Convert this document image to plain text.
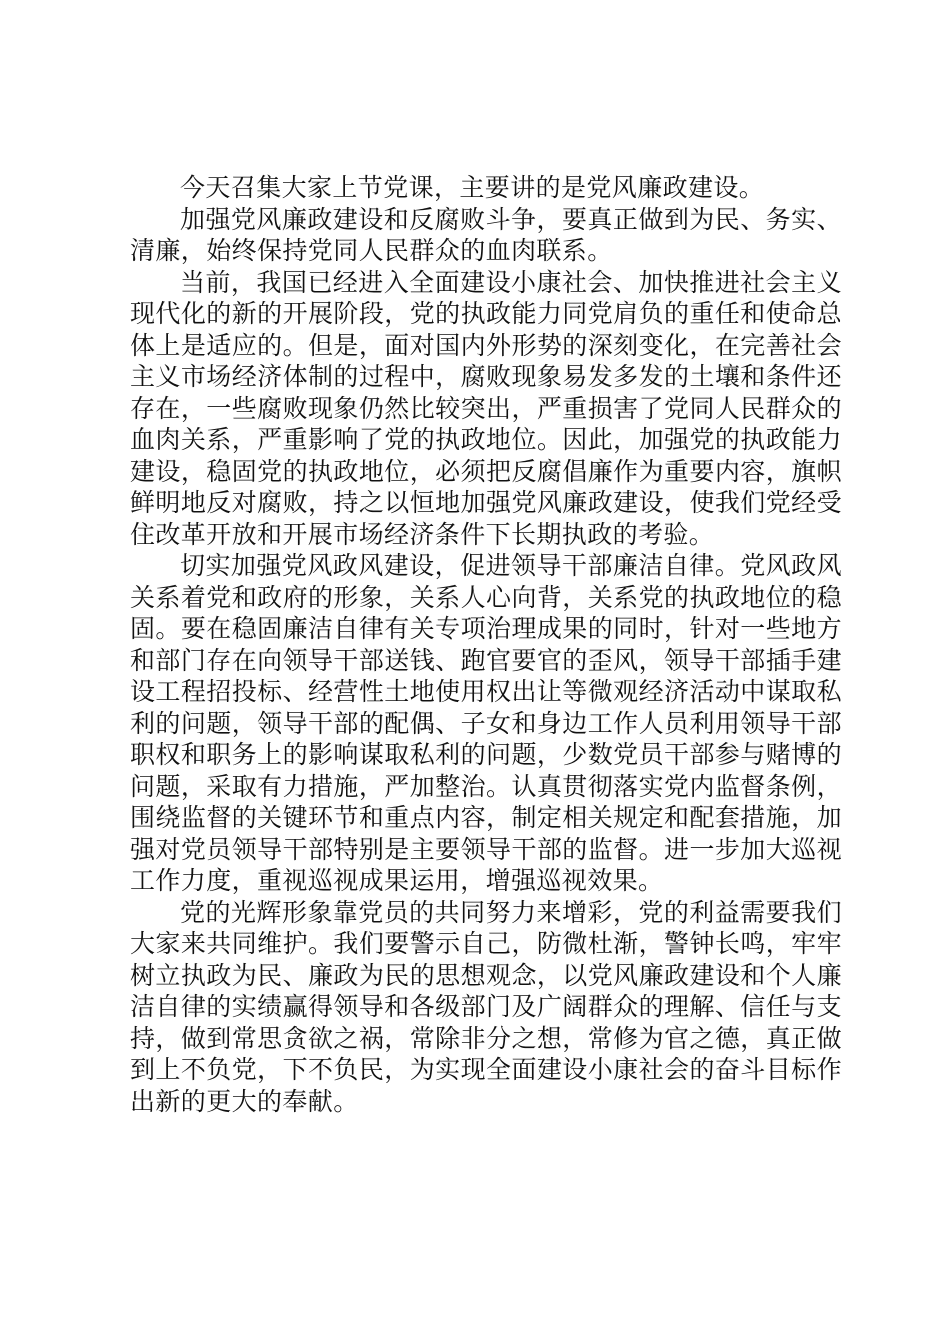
今天召集大家上节党课，主要讲的是党风廉政建设。

加强党风廉政建设和反腐败斗争，要真正做到为民、务实、清廉，始终保持党同人民群众的血肉联系。

当前，我国已经进入全面建设小康社会、加快推进社会主义现代化的新的开展阶段，党的执政能力同党肩负的重任和使命总体上是适应的。但是，面对国内外形势的深刻变化，在完善社会主义市场经济体制的过程中，腐败现象易发多发的土壤和条件还存在，一些腐败现象仍然比较突出，严重损害了党同人民群众的血肉关系，严重影响了党的执政地位。因此，加强党的执政能力建设，稳固党的执政地位，必须把反腐倡廉作为重要内容，旗帜鲜明地反对腐败，持之以恒地加强党风廉政建设，使我们党经受住改革开放和开展市场经济条件下长期执政的考验。

切实加强党风政风建设，促进领导干部廉洁自律。党风政风关系着党和政府的形象，关系人心向背，关系党的执政地位的稳固。要在稳固廉洁自律有关专项治理成果的同时，针对一些地方和部门存在向领导干部送钱、跑官要官的歪风，领导干部插手建设工程招投标、经营性土地使用权出让等微观经济活动中谋取私利的问题，领导干部的配偶、子女和身边工作人员利用领导干部职权和职务上的影响谋取私利的问题，少数党员干部参与赌博的问题，采取有力措施，严加整治。认真贯彻落实党内监督条例，围绕监督的关键环节和重点内容，制定相关规定和配套措施，加强对党员领导干部特别是主要领导干部的监督。进一步加大巡视工作力度，重视巡视成果运用，增强巡视效果。

党的光辉形象靠党员的共同努力来增彩，党的利益需要我们大家来共同维护。我们要警示自己，防微杜渐，警钟长鸣，牢牢树立执政为民、廉政为民的思想观念，以党风廉政建设和个人廉洁自律的实绩赢得领导和各级部门及广阔群众的理解、信任与支持，做到常思贪欲之祸，常除非分之想，常修为官之德，真正做到上不负党，下不负民，为实现全面建设小康社会的奋斗目标作出新的更大的奉献。
